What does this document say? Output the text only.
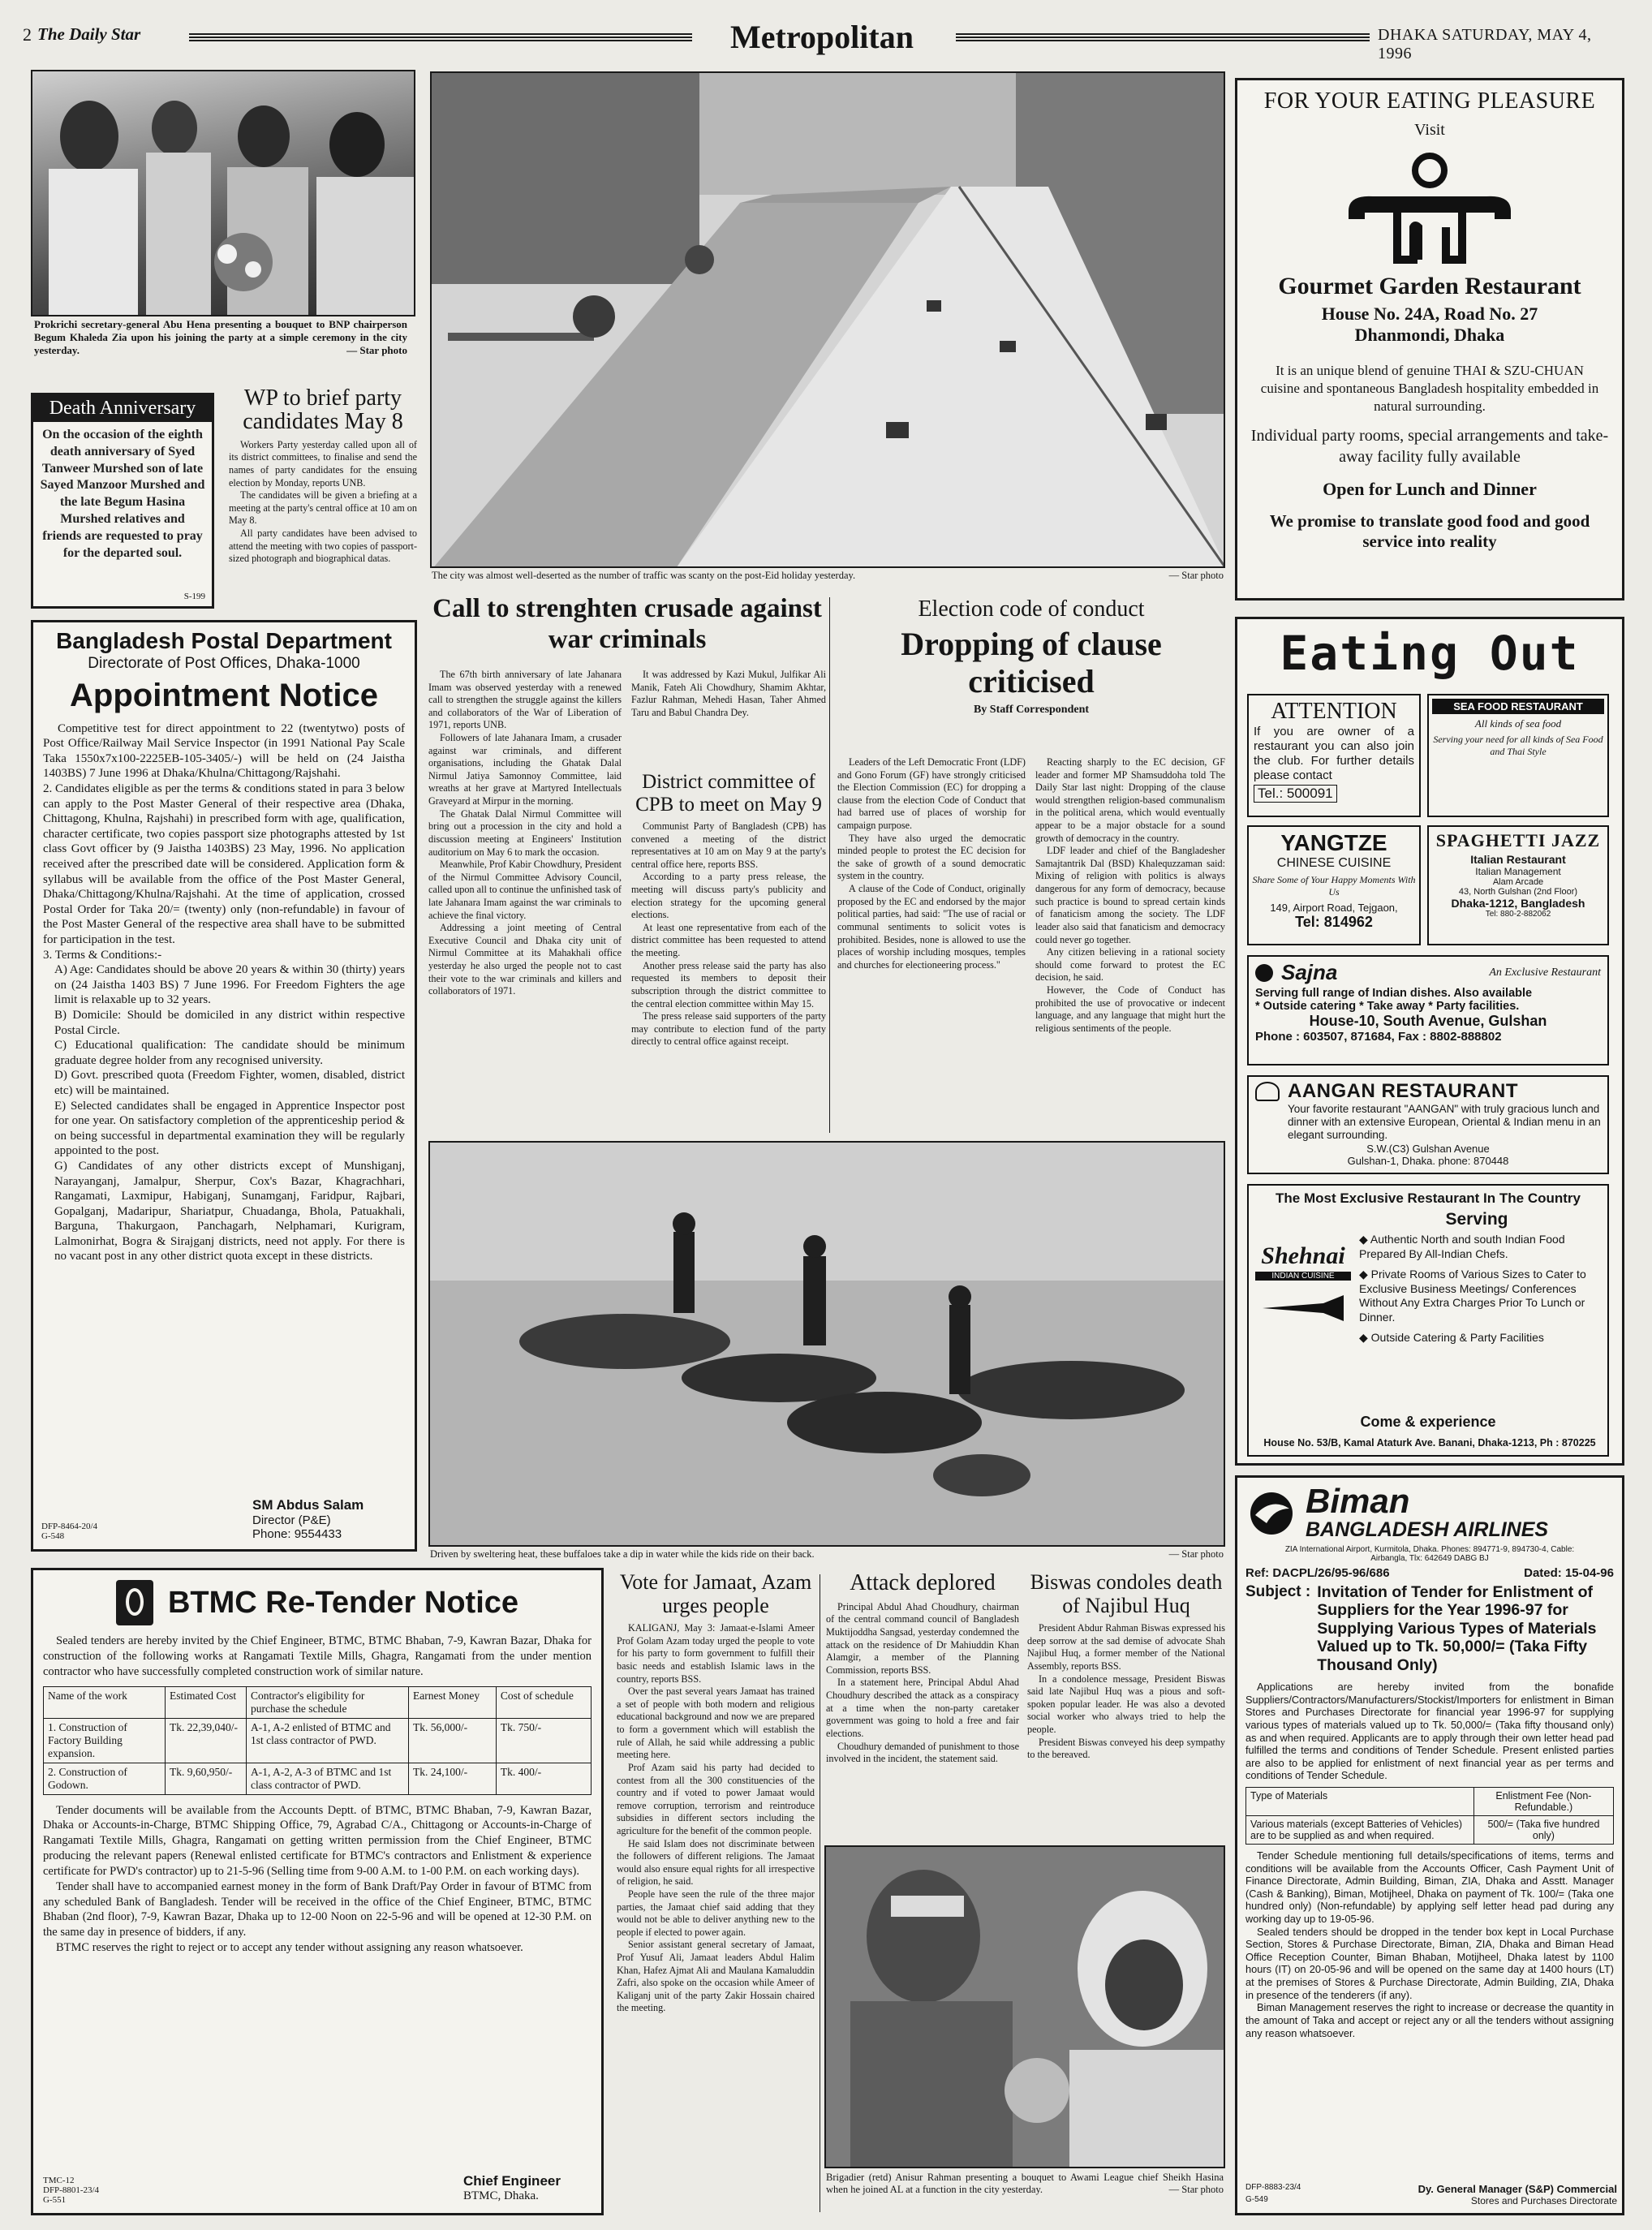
2 The Daily Star	Metropolitan	DHAKA SATURDAY, MAY 4, 1996
Prokrichi secretary-general Abu Hena presenting a bouquet to BNP chairperson Begum Khaleda Zia upon his joining the party at a simple ceremony in the city yesterday.	— Star photo
Death Anniversary
On the occasion of the eighth death anniversary of Syed Tanweer Murshed son of late Sayed Manzoor Murshed and the late Begum Hasina Murshed relatives and friends are requested to pray for the departed soul.
S-199
WP to brief party candidates May 8

Workers Party yesterday called upon all of its district committees, to finalise and send the names of party candidates for the ensuing election by Monday, reports UNB.

The candidates will be given a briefing at a meeting at the party's central office at 10 am on May 8.

All party candidates have been advised to attend the meeting with two copies of passport-sized photograph and biographical datas.

Bangladesh Postal Department
Directorate of Post Offices, Dhaka-1000
Appointment Notice

Competitive test for direct appointment to 22 (twentytwo) posts of Post Office/Railway Mail Service Inspector (in 1991 National Pay Scale Taka 1550x7x100-2225EB-105-3405/-) will be held on (24 Jaistha 1403BS) 7 June 1996 at Dhaka/Khulna/Chittagong/Rajshahi.

2. Candidates eligible as per the terms & conditions stated in para 3 below can apply to the Post Master General of their respective area (Dhaka, Chittagong, Khulna, Rajshahi) in prescribed form with age, qualification, character certificate, two copies passport size photographs attested by 1st class Govt officer by (9 Jaistha 1403BS) 23 May, 1996. No application received after the prescribed date will be considered. Application form & syllabus will be available from the office of the Post Master General, Dhaka/Chittagong/Khulna/Rajshahi. At the time of application, crossed Postal Order for Taka 20/= (twenty) only (non-refundable) in favour of the Post Master General of the respective area shall have to be submitted for participation in the test.

3. Terms & Conditions:-

A) Age: Candidates should be above 20 years & within 30 (thirty) years on (24 Jaistha 1403 BS) 7 June 1996. For Freedom Fighters the age limit is relaxable up to 32 years.

B) Domicile: Should be domiciled in any district within respective Postal Circle.

C) Educational qualification: The candidate should be minimum graduate degree holder from any recognised university.

D) Govt. prescribed quota (Freedom Fighter, women, disabled, district etc) will be maintained.

E) Selected candidates shall be engaged in Apprentice Inspector post for one year. On satisfactory completion of the apprenticeship period & on being successful in departmental examination they will be regularly appointed to the post.

G) Candidates of any other districts except of Munshiganj, Narayanganj, Jamalpur, Sherpur, Cox's Bazar, Khagrachhari, Rangamati, Laxmipur, Habiganj, Sunamganj, Faridpur, Rajbari, Gopalganj, Madaripur, Shariatpur, Chuadanga, Bhola, Patuakhali, Barguna, Thakurgaon, Panchagarh, Nelphamari, Kurigram, Lalmonirhat, Bogra & Sirajganj districts, need not apply. For there is no vacant post in any other district quota except in these districts.

SM Abdus Salam
Director (P&E)
Phone: 9554433
DFP-8464-20/4
G-548
The city was almost well-deserted as the number of traffic was scanty on the post-Eid holiday yesterday.	— Star photo
Call to strenghten crusade against war criminals

The 67th birth anniversary of late Jahanara Imam was observed yesterday with a renewed call to strengthen the struggle against the killers and collaborators of the War of Liberation of 1971, reports UNB.

Followers of late Jahanara Imam, a crusader against war criminals, and different organisations, including the Ghatak Dalal Nirmul Jatiya Samonnoy Committee, laid wreaths at her grave at Martyred Intellectuals Graveyard at Mirpur in the morning.

The Ghatak Dalal Nirmul Committee will bring out a procession in the city and hold a discussion meeting at Engineers' Institution auditorium on May 6 to mark the occasion.

Meanwhile, Prof Kabir Chowdhury, President of the Nirmul Committee Advisory Council, called upon all to continue the unfinished task of late Jahanara Imam against the war criminals to achieve the final victory.

Addressing a joint meeting of Central Executive Council and Dhaka city unit of Nirmul Committee at its Mahakhali office yesterday he also urged the people not to cast their vote to the war criminals and killers and collaborators of 1971.

It was addressed by Kazi Mukul, Julfikar Ali Manik, Fateh Ali Chowdhury, Shamim Akhtar, Fazlur Rahman, Mehedi Hasan, Taher Ahmed Taru and Babul Chandra Dey.

District committee of CPB to meet on May 9

Communist Party of Bangladesh (CPB) has convened a meeting of the district representatives at 10 am on May 9 at the party's central office here, reports BSS.

According to a party press release, the meeting will discuss party's publicity and election strategy for the upcoming general elections.

At least one representative from each of the district committee has been requested to attend the meeting.

Another press release said the party has also requested its members to deposit their subscription through the district committee to the central election committee within May 15.

The press release said supporters of the party may contribute to election fund of the party directly to central office against receipt.

Election code of conduct
Dropping of clause criticised
By Staff Correspondent

Leaders of the Left Democratic Front (LDF) and Gono Forum (GF) have strongly criticised the Election Commission (EC) for dropping a clause from the election Code of Conduct that had barred use of places of worship for campaign purpose.

They have also urged the democratic minded people to protest the EC decision for the sake of growth of a sound democratic system in the country.

A clause of the Code of Conduct, originally proposed by the EC and endorsed by the major political parties, had said: "The use of racial or communal sentiments to solicit votes is prohibited. Besides, none is allowed to use the places of worship including mosques, temples and churches for electioneering process."

Reacting sharply to the EC decision, GF leader and former MP Shamsuddoha told The Daily Star last night: Dropping of the clause would strengthen religion-based communalism in the political arena, which would eventually appear to be a major obstacle for a sound growth of democracy in the country.

LDF leader and chief of the Bangladesher Samajtantrik Dal (BSD) Khalequzzaman said: Mixing of religion with politics is always dangerous for any form of democracy, because such practice is bound to spread certain kinds of fanaticism among the society. The LDF leader also said that fanaticism and democracy could never go together.

Any citizen believing in a rational society should come forward to protest the EC decision, he said.

However, the Code of Conduct has prohibited the use of provocative or indecent language, and any language that might hurt the religious sentiments of the people.

Driven by sweltering heat, these buffaloes take a dip in water while the kids ride on their back.	— Star photo
BTMC Re-Tender Notice
Sealed tenders are hereby invited by the Chief Engineer, BTMC, BTMC Bhaban, 7-9, Kawran Bazar, Dhaka for construction of the following works at Rangamati Textile Mills, Ghagra, Rangamati from the under mention contractor who have successfully completed construction work of similar nature.
Name of the work	Estimated Cost	Contractor's eligibility for purchase the schedule	Earnest Money	Cost of schedule
1. Construction of Factory Building expansion.	Tk. 22,39,040/-	A-1, A-2 enlisted of BTMC and 1st class contractor of PWD.	Tk. 56,000/-	Tk. 750/-
2. Construction of Godown.	Tk. 9,60,950/-	A-1, A-2, A-3 of BTMC and 1st class contractor of PWD.	Tk. 24,100/-	Tk. 400/-

Tender documents will be available from the Accounts Deptt. of BTMC, BTMC Bhaban, 7-9, Kawran Bazar, Dhaka or Accounts-in-Charge, BTMC Shipping Office, 79, Agrabad C/A., Chittagong or Accounts-in-Charge of Rangamati Textile Mills, Ghagra, Rangamati on getting written permission from the Chief Engineer, BTMC producing the relevant papers (Renewal enlisted certificate for BTMC's contractors and Enlistment & experience certificate for PWD's contractor) up to 21-5-96 (Selling time from 9-00 A.M. to 1-00 P.M. on each working days).

Tender shall have to accompanied earnest money in the form of Bank Draft/Pay Order in favour of BTMC from any scheduled Bank of Bangladesh. Tender will be received in the office of the Chief Engineer, BTMC, BTMC Bhaban (2nd floor), 7-9, Kawran Bazar, Dhaka up to 12-00 Noon on 22-5-96 and will be opened at 12-30 P.M. on the same day in presence of bidders, if any.

BTMC reserves the right to reject or to accept any tender without assigning any reason whatsoever.

TMC-12
DFP-8801-23/4
G-551
Chief Engineer
BTMC, Dhaka.
Vote for Jamaat, Azam urges people

KALIGANJ, May 3: Jamaat-e-Islami Ameer Prof Golam Azam today urged the people to vote for his party to form government to fulfill their basic needs and establish Islamic laws in the country, reports BSS.

Over the past several years Jamaat has trained a set of people with both modern and religious educational background and now we are prepared to form a government which will establish the rule of Allah, he said while addressing a public meeting here.

Prof Azam said his party had decided to contest from all the 300 constituencies of the country and if voted to power Jamaat would remove corruption, terrorism and reintroduce subsidies in different sectors including the agriculture for the benefit of the common people.

He said Islam does not discriminate between the followers of different religions. The Jamaat would also ensure equal rights for all irrespective of religion, he said.

People have seen the rule of the three major parties, the Jamaat chief said adding that they would not be able to deliver anything new to the people if elected to power again.

Senior assistant general secretary of Jamaat, Prof Yusuf Ali, Jamaat leaders Abdul Halim Khan, Hafez Ajmat Ali and Maulana Kamaluddin Zafri, also spoke on the occasion while Ameer of Kaliganj unit of the party Zakir Hossain chaired the meeting.

Attack deplored

Principal Abdul Ahad Choudhury, chairman of the central command council of Bangladesh Muktijoddha Sangsad, yesterday condemned the attack on the residence of Dr Mahiuddin Khan Alamgir, a member of the Planning Commission, reports BSS.

In a statement here, Principal Abdul Ahad Choudhury described the attack as a conspiracy at a time when the non-party caretaker government was going to hold a free and fair elections.

Choudhury demanded of punishment to those involved in the incident, the statement said.

Biswas condoles death of Najibul Huq

President Abdur Rahman Biswas expressed his deep sorrow at the sad demise of advocate Shah Najibul Huq, a former member of the National Assembly, reports BSS.

In a condolence message, President Biswas said late Najibul Huq was a pious and soft-spoken popular leader. He was also a devoted social worker who always tried to help the people.

President Biswas conveyed his deep sympathy to the bereaved.

Brigadier (retd) Anisur Rahman presenting a bouquet to Awami League chief Sheikh Hasina when he joined AL at a function in the city yesterday.	— Star photo
FOR YOUR EATING PLEASURE
Visit
Gourmet Garden Restaurant
House No. 24A, Road No. 27
Dhanmondi, Dhaka
It is an unique blend of genuine THAI & SZU-CHUAN cuisine and spontaneous Bangladesh hospitality embedded in natural surrounding.
Individual party rooms, special arrangements and take-away facility fully available
Open for Lunch and Dinner
We promise to translate good food and good service into reality
Eating Out
ATTENTION
If you are owner of a restaurant you can also join the club. For further details please contact
Tel.: 500091
SEA FOOD RESTAURANT
All kinds of sea food
Serving your need for all kinds of Sea Food and Thai Style
YANGTZE
CHINESE CUISINE
Share Some of Your Happy Moments With Us
149, Airport Road, Tejgaon,
Tel: 814962
SPAGHETTI JAZZ
Italian Restaurant
Italian Management
Alam Arcade
43, North Gulshan (2nd Floor)
Dhaka-1212, Bangladesh
Tel: 880-2-882062
Sajna	An Exclusive Restaurant
Serving full range of Indian dishes. Also available
* Outside catering * Take away * Party facilities.
House-10, South Avenue, Gulshan
Phone : 603507, 871684, Fax : 8802-888802
AANGAN RESTAURANT
Your favorite restaurant "AANGAN" with truly gracious lunch and dinner with an extensive European, Oriental & Indian menu in an elegant surrounding.
S.W.(C3) Gulshan Avenue
Gulshan-1, Dhaka. phone: 870448
The Most Exclusive Restaurant In The Country
Serving
Shehnai
INDIAN CUISINE
◆ Authentic North and south Indian Food Prepared By All-Indian Chefs.
◆ Private Rooms of Various Sizes to Cater to Exclusive Business Meetings/ Conferences Without Any Extra Charges Prior To Lunch or Dinner.
◆ Outside Catering & Party Facilities
Come & experience
House No. 53/B, Kamal Ataturk Ave. Banani, Dhaka-1213, Ph : 870225
Biman
BANGLADESH AIRLINES
ZIA International Airport, Kurmitola, Dhaka. Phones: 894771-9, 894730-4, Cable: Airbangla, Tlx: 642649 DABG BJ
Ref: DACPL/26/95-96/686	Dated: 15-04-96
Subject : Invitation of Tender for Enlistment of Suppliers for the Year 1996-97 for Supplying Various Types of Materials Valued up to Tk. 50,000/= (Taka Fifty Thousand Only)
Applications are hereby invited from the bonafide Suppliers/Contractors/Manufacturers/Stockist/Importers for enlistment in Biman Stores and Purchases Directorate for financial year 1996-97 for supplying various types of materials valued up to Tk. 50,000/= (Taka fifty thousand only) as and when required. Applicants are to apply through their own letter head pad fulfilled the terms and conditions of Tender Schedule. Present enlisted parties are also to be applied for enlistment of next financial year as per terms and conditions of Tender Schedule.
Type of Materials	Enlistment Fee (Non-Refundable.)
Various materials (except Batteries of Vehicles) are to be supplied as and when required.	500/= (Taka five hundred only)
Tender Schedule mentioning full details/specifications of items, terms and conditions will be available from the Accounts Officer, Cash Payment Unit of Finance Directorate, Admin Building, Biman, ZIA, Dhaka and Asstt. Manager (Cash & Banking), Biman, Motijheel, Dhaka on payment of Tk. 100/= (Taka one hundred only) (Non-refundable) by applying self letter head pad during any working day up to 19-05-96.
Sealed tenders should be dropped in the tender box kept in Local Purchase Section, Stores & Purchase Directorate, Biman, ZIA, Dhaka and Biman Head Office Reception Counter, Biman Bhaban, Motijheel, Dhaka latest by 1100 hours (IT) on 20-05-96 and will be opened on the same day at 1400 hours (LT) at the premises of Stores & Purchase Directorate, Admin Building, ZIA, Dhaka in presence of the tenderers (if any).
Biman Management reserves the right to increase or decrease the quantity in the amount of Taka and accept or reject any or all the tenders without assigning any reason whatsoever.
DFP-8883-23/4	Dy. General Manager (S&P) Commercial
G-549	Stores and Purchases Directorate
